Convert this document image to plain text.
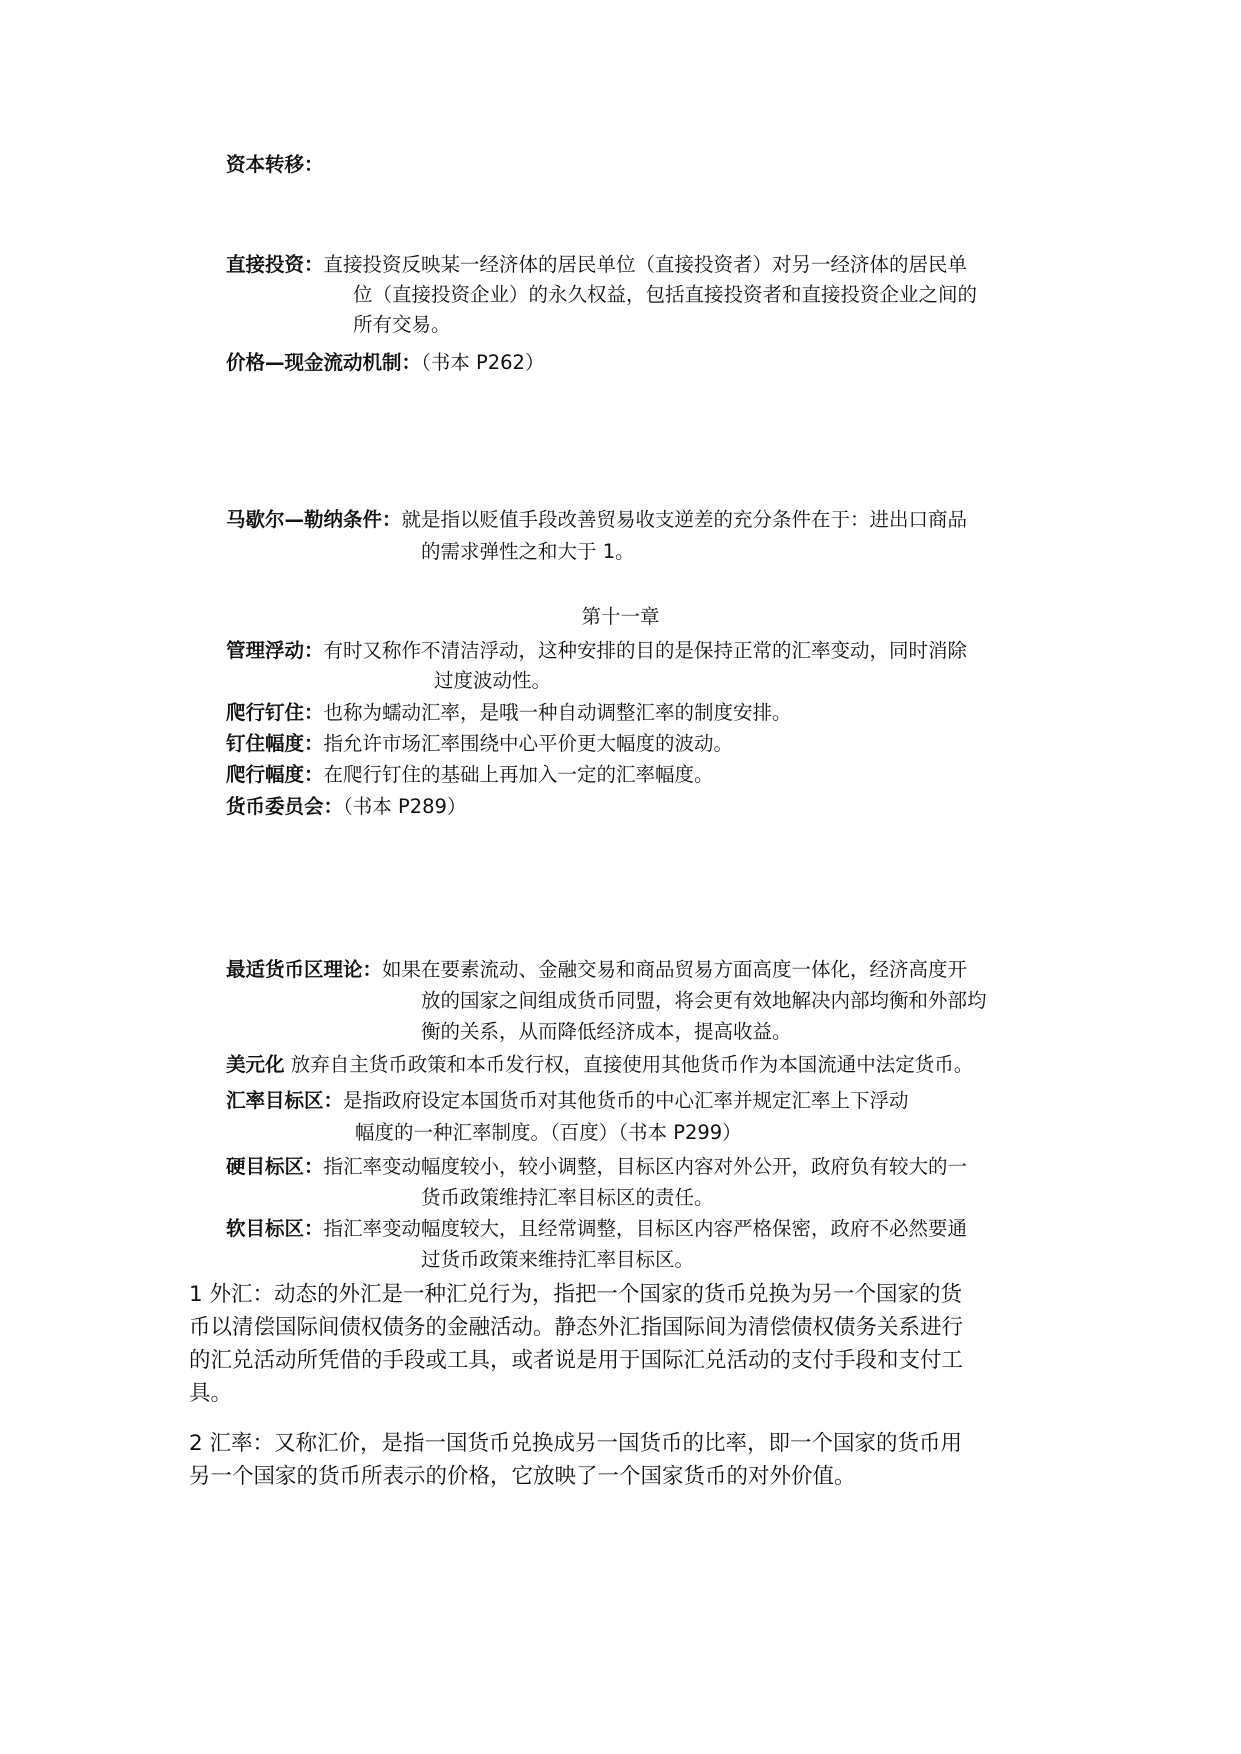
资本转移：
直接投资：直接投资反映某一经济体的居民单位（直接投资者）对另一经济体的居民单
位（直接投资企业）的永久权益，包括直接投资者和直接投资企业之间的
所有交易。
价格—现金流动机制：（书本 P262）
马歇尔—勒纳条件：就是指以贬值手段改善贸易收支逆差的充分条件在于：进出口商品
的需求弹性之和大于 1。
第十一章
管理浮动：有时又称作不清洁浮动，这种安排的目的是保持正常的汇率变动，同时消除
过度波动性。
爬行钉住：也称为蠕动汇率，是哦一种自动调整汇率的制度安排。
钉住幅度：指允许市场汇率围绕中心平价更大幅度的波动。
爬行幅度：在爬行钉住的基础上再加入一定的汇率幅度。
货币委员会：（书本 P289）
最适货币区理论：如果在要素流动、金融交易和商品贸易方面高度一体化，经济高度开
放的国家之间组成货币同盟，将会更有效地解决内部均衡和外部均
衡的关系，从而降低经济成本，提高收益。
美元化 放弃自主货币政策和本币发行权，直接使用其他货币作为本国流通中法定货币。
汇率目标区：是指政府设定本国货币对其他货币的中心汇率并规定汇率上下浮动
幅度的一种汇率制度。（百度）（书本 P299）
硬目标区：指汇率变动幅度较小，较小调整，目标区内容对外公开，政府负有较大的一
货币政策维持汇率目标区的责任。
软目标区：指汇率变动幅度较大，且经常调整，目标区内容严格保密，政府不必然要通
过货币政策来维持汇率目标区。
1 外汇：动态的外汇是一种汇兑行为，指把一个国家的货币兑换为另一个国家的货
币以清偿国际间债权债务的金融活动。静态外汇指国际间为清偿债权债务关系进行
的汇兑活动所凭借的手段或工具，或者说是用于国际汇兑活动的支付手段和支付工
具。
2 汇率：又称汇价，是指一国货币兑换成另一国货币的比率，即一个国家的货币用
另一个国家的货币所表示的价格，它放映了一个国家货币的对外价值。
